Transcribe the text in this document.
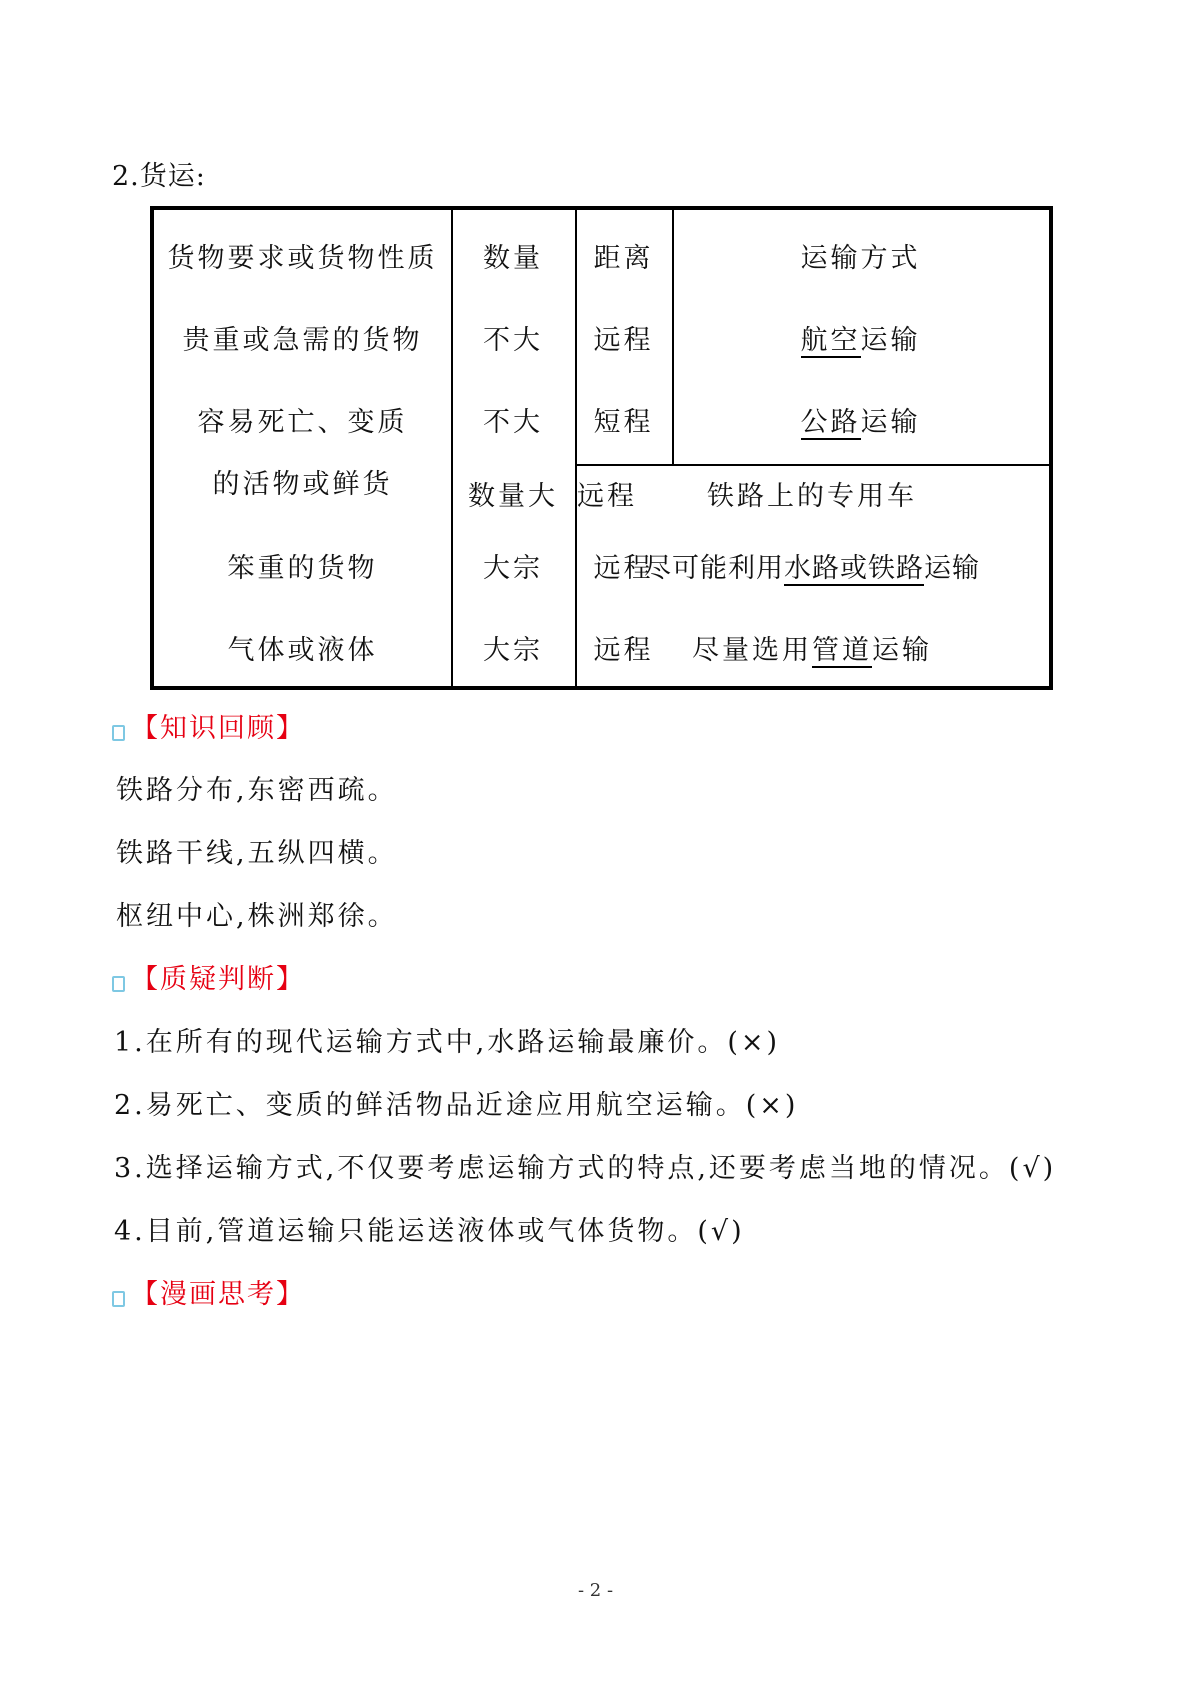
2.货运:
货物要求或货物性质
贵重或急需的货物
容易死亡、变质
的活物或鲜货
笨重的货物
气体或液体
数量
不大
不大
数量大
大宗
大宗
距离
远程
短程
远程
远程
远程
运输方式
航空运输
公路运输
铁路上的专用车
尽可能利用水路或铁路运输
尽量选用管道运输
【知识回顾】
铁路分布,东密西疏。
铁路干线,五纵四横。
枢纽中心,株洲郑徐。
【质疑判断】
1.在所有的现代运输方式中,水路运输最廉价。(×)
2.易死亡、变质的鲜活物品近途应用航空运输。(×)
3.选择运输方式,不仅要考虑运输方式的特点,还要考虑当地的情况。(√)
4.目前,管道运输只能运送液体或气体货物。(√)
【漫画思考】
- 2 -
